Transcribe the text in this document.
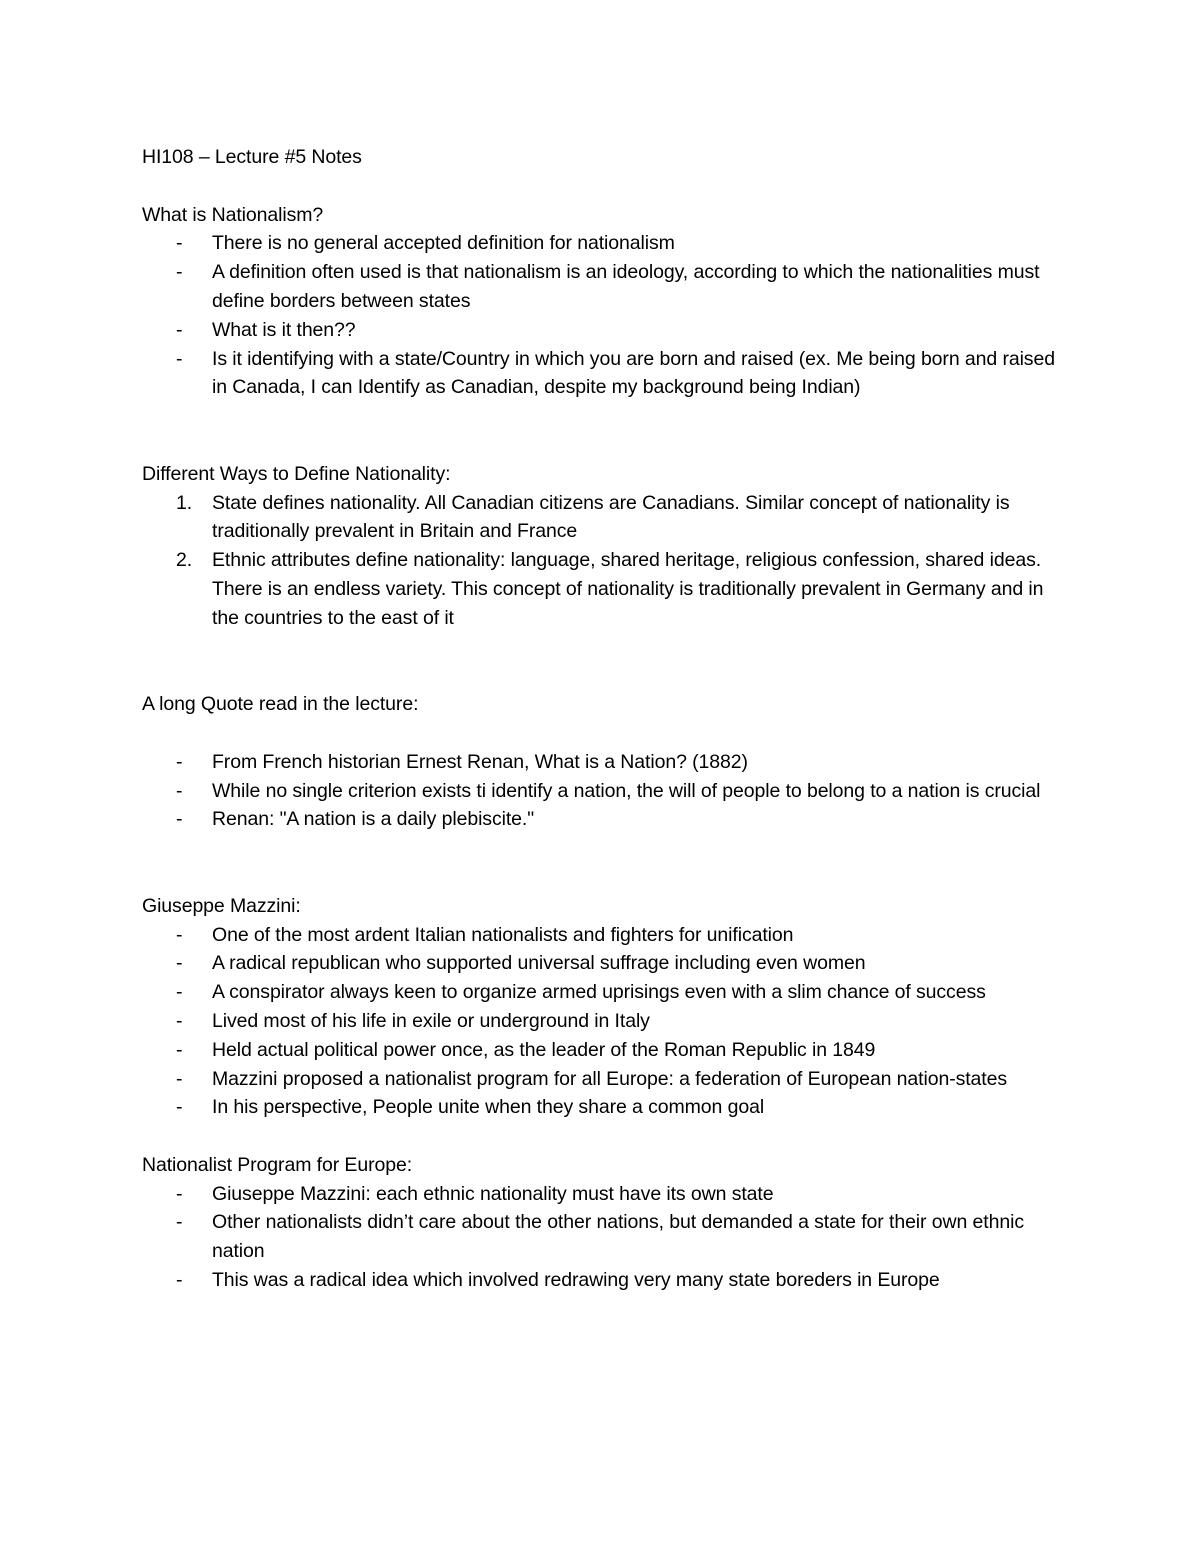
HI108 – Lecture #5 Notes

What is Nationalism?

- There is no general accepted definition for nationalism
- A definition often used is that nationalism is an ideology, according to which the nationalities must define borders between states
- What is it then??
- Is it identifying with a state/Country in which you are born and raised (ex. Me being born and raised in Canada, I can Identify as Canadian, despite my background being Indian)

Different Ways to Define Nationality:

1. State defines nationality. All Canadian citizens are Canadians. Similar concept of nationality is traditionally prevalent in Britain and France
2. Ethnic attributes define nationality: language, shared heritage, religious confession, shared ideas. There is an endless variety. This concept of nationality is traditionally prevalent in Germany and in the countries to the east of it

A long Quote read in the lecture:

- From French historian Ernest Renan, What is a Nation? (1882)
- While no single criterion exists ti identify a nation, the will of people to belong to a nation is crucial
- Renan: "A nation is a daily plebiscite."

Giuseppe Mazzini:

- One of the most ardent Italian nationalists and fighters for unification
- A radical republican who supported universal suffrage including even women
- A conspirator always keen to organize armed uprisings even with a slim chance of success
- Lived most of his life in exile or underground in Italy
- Held actual political power once, as the leader of the Roman Republic in 1849
- Mazzini proposed a nationalist program for all Europe: a federation of European nation-states
- In his perspective, People unite when they share a common goal

Nationalist Program for Europe:

- Giuseppe Mazzini: each ethnic nationality must have its own state
- Other nationalists didn’t care about the other nations, but demanded a state for their own ethnic nation
- This was a radical idea which involved redrawing very many state boreders in Europe
